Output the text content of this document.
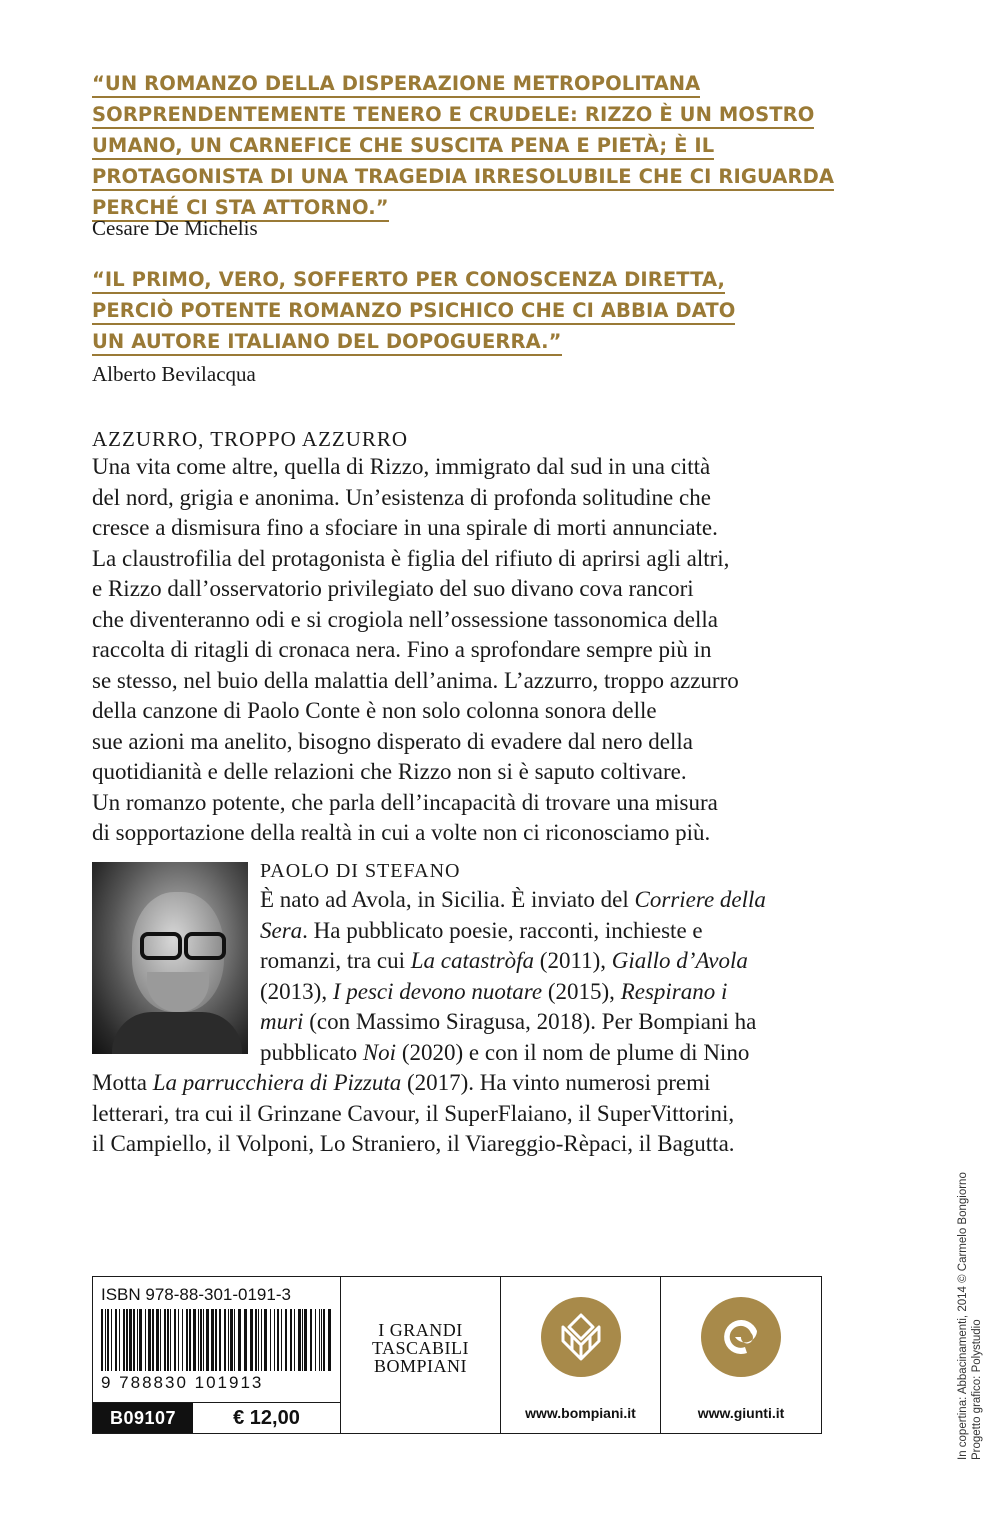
“UN ROMANZO DELLA DISPERAZIONE METROPOLITANA
SORPRENDENTEMENTE TENERO E CRUDELE: RIZZO È UN MOSTRO
UMANO, UN CARNEFICE CHE SUSCITA PENA E PIETÀ; È IL
PROTAGONISTA DI UNA TRAGEDIA IRRESOLUBILE CHE CI RIGUARDA
PERCHÉ CI STA ATTORNO.”
Cesare De Michelis
“IL PRIMO, VERO, SOFFERTO PER CONOSCENZA DIRETTA,
PERCIÒ POTENTE ROMANZO PSICHICO CHE CI ABBIA DATO
UN AUTORE ITALIANO DEL DOPOGUERRA.”
Alberto Bevilacqua
AZZURRO, TROPPO AZZURRO
Una vita come altre, quella di Rizzo, immigrato dal sud in una città
del nord, grigia e anonima. Un’esistenza di profonda solitudine che
cresce a dismisura fino a sfociare in una spirale di morti annunciate.
La claustrofilia del protagonista è figlia del rifiuto di aprirsi agli altri,
e Rizzo dall’osservatorio privilegiato del suo divano cova rancori
che diventeranno odi e si crogiola nell’ossessione tassonomica della
raccolta di ritagli di cronaca nera. Fino a sprofondare sempre più in
se stesso, nel buio della malattia dell’anima. L’azzurro, troppo azzurro
della canzone di Paolo Conte è non solo colonna sonora delle
sue azioni ma anelito, bisogno disperato di evadere dal nero della
quotidianità e delle relazioni che Rizzo non si è saputo coltivare.
Un romanzo potente, che parla dell’incapacità di trovare una misura
di sopportazione della realtà in cui a volte non ci riconosciamo più.
PAOLO DI STEFANO
È nato ad Avola, in Sicilia. È inviato del Corriere della
Sera. Ha pubblicato poesie, racconti, inchieste e
romanzi, tra cui La catastròfa (2011), Giallo d’Avola
(2013), I pesci devono nuotare (2015), Respirano i
muri (con Massimo Siragusa, 2018). Per Bompiani ha
pubblicato Noi (2020) e con il nom de plume di Nino
Motta La parrucchiera di Pizzuta (2017). Ha vinto numerosi premi
letterari, tra cui il Grinzane Cavour, il SuperFlaiano, il SuperVittorini,
il Campiello, il Volponi, Lo Straniero, il Viareggio-Rèpaci, il Bagutta.
ISBN 978-88-301-0191-3
9 788830 101913
B09107	€ 12,00
I GRANDI
TASCABILI
BOMPIANI
www.bompiani.it	www.giunti.it	In copertina: Abbacinamenti, 2014 © Carmelo Bongiorno Progetto grafico: Polystudio
